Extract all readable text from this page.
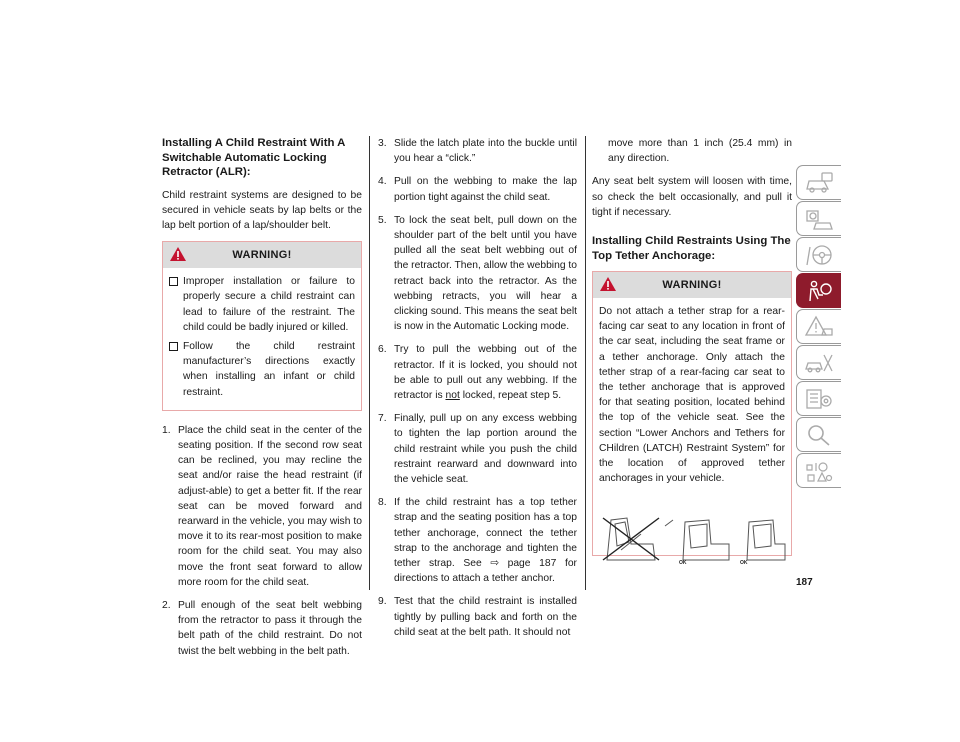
Installing A Child Restraint With A Switchable Automatic Locking Retractor (ALR):

Child restraint systems are designed to be secured in vehicle seats by lap belts or the lap belt portion of a lap/shoulder belt.

WARNING!
Improper installation or failure to properly secure a child restraint can lead to failure of the restraint. The child could be badly injured or killed.
Follow the child restraint manufacturer’s directions exactly when installing an infant or child restraint.
1. Place the child seat in the center of the seating position. If the second row seat can be reclined, you may recline the seat and/or raise the head restraint (if adjust-able) to get a better fit. If the rear seat can be moved forward and rearward in the vehicle, you may wish to move it to its rear-most position to make room for the child seat. You may also move the front seat forward to allow more room for the child seat.
2. Pull enough of the seat belt webbing from the retractor to pass it through the belt path of the child restraint. Do not twist the belt webbing in the belt path.
3. Slide the latch plate into the buckle until you hear a “click.”
4. Pull on the webbing to make the lap portion tight against the child seat.
5. To lock the seat belt, pull down on the shoulder part of the belt until you have pulled all the seat belt webbing out of the retractor. Then, allow the webbing to retract back into the retractor. As the webbing retracts, you will hear a clicking sound. This means the seat belt is now in the Automatic Locking mode.
6. Try to pull the webbing out of the retractor. If it is locked, you should not be able to pull out any webbing. If the retractor is not locked, repeat step 5.
7. Finally, pull up on any excess webbing to tighten the lap portion around the child restraint while you push the child restraint rearward and downward into the vehicle seat.
8. If the child restraint has a top tether strap and the seating position has a top tether anchorage, connect the tether strap to the anchorage and tighten the tether strap. See ⇨ page 187 for directions to attach a tether anchor.
9. Test that the child restraint is installed tightly by pulling back and forth on the child seat at the belt path. It should not
move more than 1 inch (25.4 mm) in any direction.

Any seat belt system will loosen with time, so check the belt occasionally, and pull it tight if necessary.

Installing Child Restraints Using The Top Tether Anchorage:
WARNING!

Do not attach a tether strap for a rear-facing car seat to any location in front of the car seat, including the seat frame or a tether anchorage. Only attach the tether strap of a rear-facing car seat to the tether anchorage that is approved for that seating position, located behind the top of the vehicle seat. See the section “Lower Anchors and Tethers for CHildren (LATCH) Restraint System” for the location of approved tether anchorages in your vehicle.

OK	OK
187
